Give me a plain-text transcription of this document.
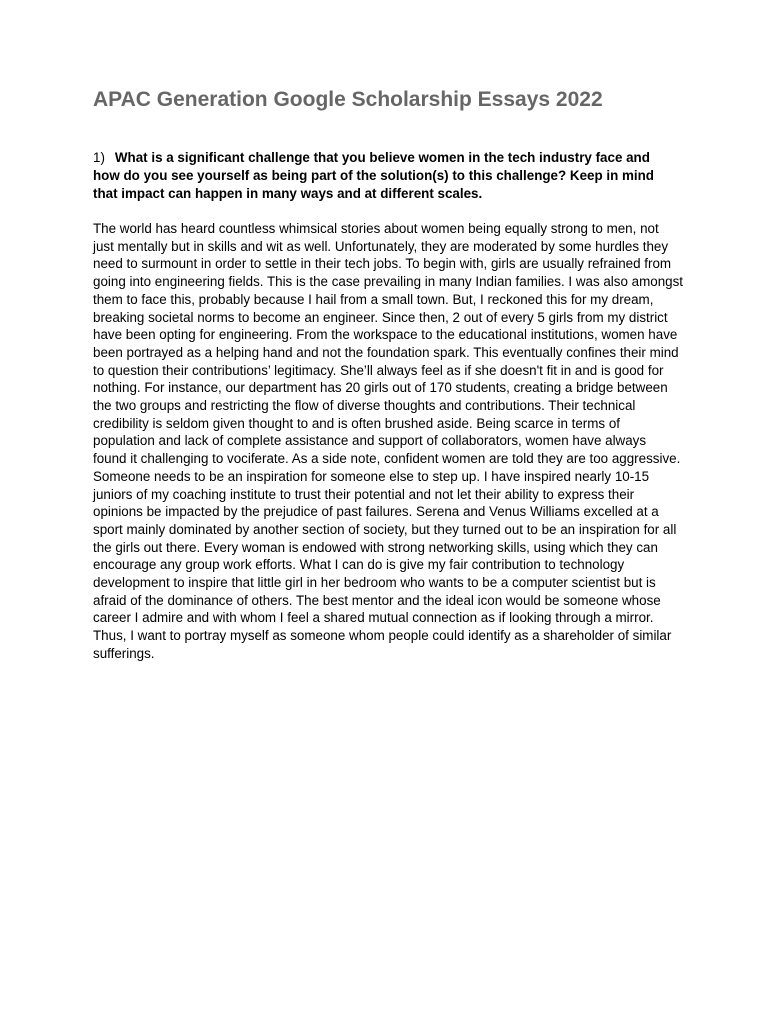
APAC Generation Google Scholarship Essays 2022
1) What is a significant challenge that you believe women in the tech industry face and how do you see yourself as being part of the solution(s) to this challenge? Keep in mind that impact can happen in many ways and at different scales.

The world has heard countless whimsical stories about women being equally strong to men, not just mentally but in skills and wit as well. Unfortunately, they are moderated by some hurdles they need to surmount in order to settle in their tech jobs. To begin with, girls are usually refrained from going into engineering fields. This is the case prevailing in many Indian families. I was also amongst them to face this, probably because I hail from a small town. But, I reckoned this for my dream, breaking societal norms to become an engineer. Since then, 2 out of every 5 girls from my district have been opting for engineering. From the workspace to the educational institutions, women have been portrayed as a helping hand and not the foundation spark. This eventually confines their mind to question their contributions’ legitimacy. She’ll always feel as if she doesn't fit in and is good for nothing. For instance, our department has 20 girls out of 170 students, creating a bridge between the two groups and restricting the flow of diverse thoughts and contributions. Their technical credibility is seldom given thought to and is often brushed aside. Being scarce in terms of population and lack of complete assistance and support of collaborators, women have always found it challenging to vociferate. As a side note, confident women are told they are too aggressive.

Someone needs to be an inspiration for someone else to step up. I have inspired nearly 10-15 juniors of my coaching institute to trust their potential and not let their ability to express their opinions be impacted by the prejudice of past failures. Serena and Venus Williams excelled at a sport mainly dominated by another section of society, but they turned out to be an inspiration for all the girls out there. Every woman is endowed with strong networking skills, using which they can encourage any group work efforts. What I can do is give my fair contribution to technology development to inspire that little girl in her bedroom who wants to be a computer scientist but is afraid of the dominance of others. The best mentor and the ideal icon would be someone whose career I admire and with whom I feel a shared mutual connection as if looking through a mirror. Thus, I want to portray myself as someone whom people could identify as a shareholder of similar sufferings.
